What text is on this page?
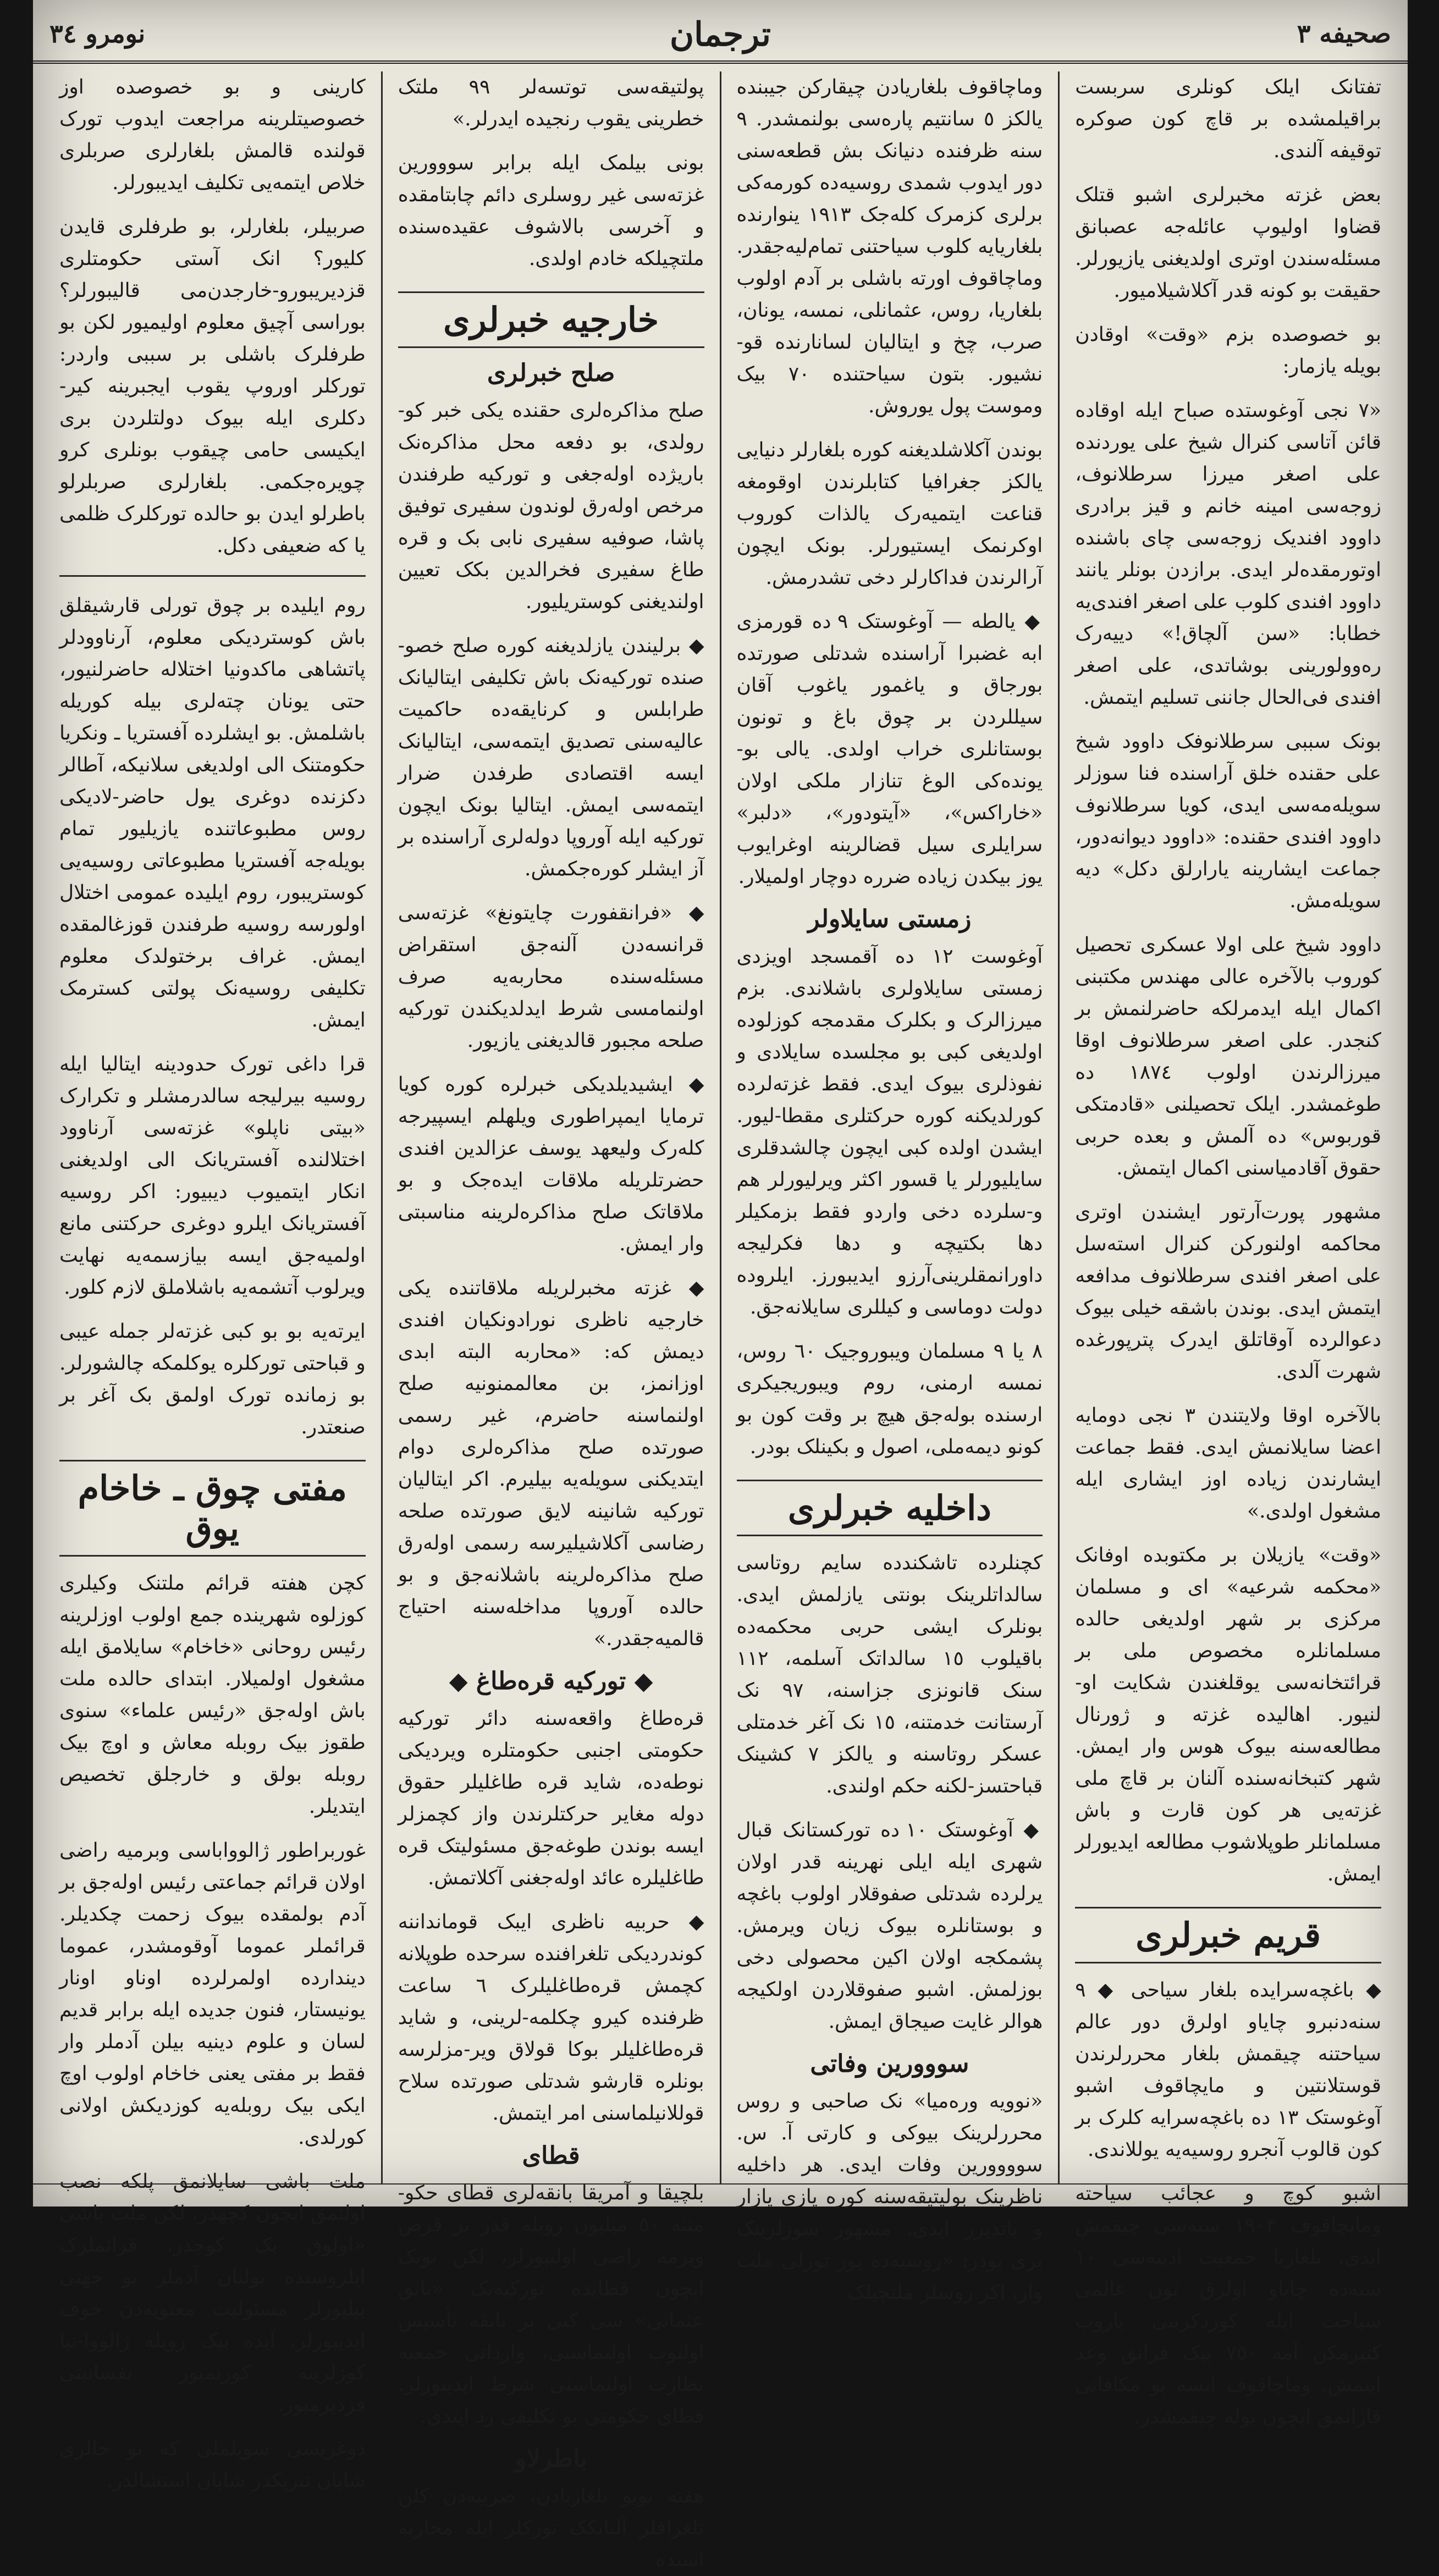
صحیفه ٣
ترجمان
نومرو ٣٤

تفتانک ایلک کونلری سربست براقیلمشده بر قاچ کون صوکره توقیفه آلندی.

بعض غزته مخبرلری اشبو قتلک قضاوا اولیوپ عائله‌جه عصبانق مسئله‌سندن اوتری اولدیغنی یازیورلر. حقیقت بو کونه قدر آکلاشیلامیور.

بو خصوصده بزم «وقت» اوقادن بویله یازمار:

«٧ نجی آوغوستده صباح ایله اوقاده قائن آتاسی کنرال شیخ علی یوردنده علی اصغر میرزا سرطلانوف، زوجه‌سی امینه خانم و قیز برادری داوود افندیک زوجه‌سی چای باشنده اوتورمقده‌لر ایدی. برازدن بونلر یانند داوود افندی کلوب علی اصغر افندی‌یه خطابا: «سن آلچاق!» دییه‌رک ره‌وولورینی بوشاتدی، علی اصغر افندی فی‌الحال جاننی تسلیم ایتمش.

بونک سببی سرطلانوفک داوود شیخ علی حقنده خلق آراسنده فنا سوزلر سویله‌مه‌سی ایدی، کویا سرطلانوف داوود افندی حقنده: «داوود دیوانه‌دور، جماعت ایشارینه یارارلق دکل» دیه سویله‌مش.

داوود شیخ علی اولا عسکری تحصیل کوروب بالآخره عالی مهندس مکتبنی اکمال ایله ایدمرلکه حاضرلنمش بر کنجدر. علی اصغر سرطلانوف اوقا میرزالرندن اولوب ١٨٧٤ ده طوغمشدر. ایلک تحصیلنی «قادمتکی قوربوس» ده آلمش و بعده حربی حقوق آقادمیاسنی اکمال ایتمش.

مشهور پورت‌آرتور ایشندن اوتری محاکمه اولنورکن کنرال استه‌سل علی اصغر افندی سرطلانوف مدافعه ایتمش ایدی. بوندن باشقه خیلی بیوک دعوالرده آوقاتلق ایدرک پترپورغده شهرت آلدی.

بالآخره اوقا ولایتندن ٣ نجی دومایه اعضا سایلانمش ایدی. فقط جماعت ایشارندن زیاده اوز ایشاری ایله مشغول اولدی.»

«وقت» یازیلان بر مکتوبده اوفانک «محکمه شرعیه» ای و مسلمان مرکزی بر شهر اولدیغی حالده مسلمانلره مخصوص ملی بر قرائتخانه‌سی یوقلغندن شکایت او-لنیور. اهالیده غزته و ژورنال مطالعه‌سنه بیوک هوس وار ایمش. شهر کتبخانه‌سنده آلنان بر قاچ ملی غزته‌یی هر کون قارت و باش مسلمانلر طوپلاشوب مطالعه ایدیورلر ایمش.

قریم خبرلری

◆ باغچه‌سرایده بلغار سیاحی ◆ ٩ سنه‌دنبرو چایاو اولرق دور عالم سیاحتنه چیقمش بلغار محررلرندن قوستلانتین و مایچاقوف اشبو آوغوستک ١٣ ده باغچه‌سرایه کلرک بر کون قالوب آنجرو روسیه‌یه یوللاندی.

اشبو کوچ و عجائب سیاحته ومایچاقوف ١٩٠٣ سنه‌سی چیقمش ایدی، بلغاریا جمعیت ادبیه‌سی ١٠ سنه‌ده چایاو اولرق تون عالمی سیاحت ایله کوزدکرینی یازوب کتیرمکن آمه ٧٥٠ بیک فرانق وعد ایتمش. وماچاقوف ایسه بو مکافاتی قازانمق ایچون یوله چیقمشدر.

وماچاقوف بلغاریادن چیقارکن جیبنده یالکز ٥ سانتیم پاره‌سی بولنمشدر. ٩ سنه ظرفنده دنیانک بش قطعه‌سنی دور ایدوب شمدی روسیه‌ده کورمه‌کی برلری کزمرک کله‌جک ١٩١٣ ینوارنده بلغاریایه کلوب سیاحتنی تمام‌لیه‌جقدر. وماچاقوف اورته باشلی بر آدم اولوب بلغاریا، روس، عثمانلی، نمسه، یونان، صرب، چخ و ایتالیان لسانارنده قو-نشیور. بتون سیاحتنده ٧٠ بیک وموست پول یوروش.

بوندن آکلاشلدیغنه کوره بلغارلر دنیایی یالکز جغرافیا کتابلرندن اوقومغه قناعت ایتمیه‌رک یالذات کوروب اوکرنمک ایستیورلر. بونک ایچون آرالرندن فداکارلر دخی تشدرمش.

◆ یالطه — آوغوستک ٩ ده قورمزی ابه غضبرا آراسنده شدتلی صورتده بورجاق و یاغمور یاغوب آقان سیللردن بر چوق باغ و تونون بوستانلری خراب اولدی. یالی بو-یونده‌کی الوغ تنازار ملکی اولان «خاراکس»، «آیتودور»، «دلبر» سرایلری سیل قضالرینه اوغرایوب یوز بیکدن زیاده ضرره دوچار اولمیلار.

زمستی سایلاولر

آوغوست ١٢ ده آقمسجد اویزدی زمستی سایلاولری باشلاندی. بزم میرزالرک و بکلرک مقدمجه کوزلوده اولدیغی کبی بو مجلسده سایلادی و نفوذلری بیوک ایدی. فقط غزته‌لرده کورلدیکنه کوره حرکتلری مقطا-لیور. ایشدن اولده کبی ایچون چالشدقلری سایلیورلر یا قسور اکثر ویرلیورلر هم و-سلرده دخی واردو فقط بزمکیلر دها بکتیچه و دها فکرلیجه داورانمقلرینی‌آرزو ایدیبورز. ایلروده دولت دوماسی و کیللری سایلانه‌جق.

٨ یا ٩ مسلمان ویبوروجیک ٦٠ روس، نمسه ارمنی، روم ویبوریجیکری ارسنده بوله‌جق هیچ بر وقت کون بو کونو دیمه‌ملی، اصول و بکینلک بودر.

داخلیه خبرلری

کچنلرده تاشکندده سایم روتاسی سالداتلرینک بونتی یازلمش ایدی. بونلرک ایشی حربی محکمه‌ده باقیلوب ١٥ سالداتک آسلمه، ١١٢ سنک قانونزی جزاسنه، ٩٧ نک آرستانت خدمتنه، ١٥ نک آغر خدمتلی عسکر روتاسنه و یالکز ٧ کشینک قباحتسز-لکنه حکم اولندی.

◆ آوغوستک ١٠ ده تورکستانک قبال شهری ایله ایلی نهرینه قدر اولان یرلرده شدتلی صفوقلار اولوب باغچه و بوستانلره بیوک زیان ویرمش. پشمکجه اولان اکین محصولی دخی بوزلمش. اشبو صفوقلاردن اولکیجه هوالر غایت صیجاق ایمش.

سووورین وفاتی

«نوویه وره‌میا» نک صاحبی و روس محررلرینک بیوکی و کارتی آ. س. سوووورین وفات ایدی. هر داخلیه ناظرینک بولیتیقه‌سنه کوره یازی یازار و باتدیرر ایدی. مشهور سوزلرینک بری بودر: «روسیه‌ده یوز تورلی ملت وار، اکر روسلر ملتچیلک

پولتیقه‌سی توتسه‌لر ٩٩ ملتک خطرینی یقوب رنجیده ایدرلر.»

بونی بیلمک ایله برابر سووورین غزته‌سی غیر روسلری دائم چابتامقده و آخرسی بالاشوف عقیده‌سنده ملتچیلکه خادم اولدی.

خارجیه خبرلری
صلح خبرلری

صلح مذاکره‌لری حقنده یکی خبر کو-رولدی، بو دفعه محل مذاکره‌نک باریژده اوله‌جغی و تورکیه طرفندن مرخص اوله‌رق لوندون سفیری توفیق پاشا، صوفیه سفیری نابی بک و قره طاغ سفیری فخرالدین بکک تعیین اولندیغنی کوستریلیور.

◆ برلیندن یازلدیغنه کوره صلح خصو-صنده تورکیه‌نک باش تکلیفی ایتالیانک طرابلس و کرنایقه‌ده حاکمیت عالیه‌سنی تصدیق ایتمه‌سی، ایتالیانک ایسه اقتصادی طرفدن ضرار ایتمه‌سی ایمش. ایتالیا بونک ایچون تورکیه ایله آوروپا دوله‌لری آراسنده بر آز ایشلر کوره‌جکمش.

◆ «فرانقفورت چایتونغ» غزته‌سی قرانسه‌دن آلنه‌جق استقراض مسئله‌سنده محاربه‌یه صرف اولنمامسی شرط ایدلدیکندن تورکیه صلحه مجبور قالدیغنی یازیور.

◆ ایشیدیلدیکی خبرلره کوره کویا ترمایا ایمپراطوری ویلهلم ایسپیرجه کله‌رک ولیعهد یوسف عزالدین افندی حضرتلریله ملاقات ایده‌جک و بو ملاقاتک صلح مذاکره‌لرینه مناسبتی وار ایمش.

◆ غزته مخبرلریله ملاقاتنده یکی خارجیه ناظری نورادونکیان افندی دیمش که: «محاربه البته ابدی اوزانمز، بن معالممنونیه صلح اولنماسنه حاضرم، غیر رسمی صورتده صلح مذاکره‌لری دوام ایتدیکنی سویله‌یه بیلیرم. اکر ایتالیان تورکیه شانینه لایق صورتده صلحه رضاسی آکلاشیلیرسه رسمی اوله‌رق صلح مذاکره‌لرینه باشلانه‌جق و بو حالده آوروپا مداخله‌سنه احتیاج قالمیه‌جقدر.»

◆ تورکیه قره‌طاغ ◆

قره‌طاغ واقعه‌سنه دائر تورکیه حکومتی اجنبی حکومتلره ویردیکی نوطه‌ده، شاید قره طاغلیلر حقوق دوله مغایر حرکتلرندن واز کچمزلر ایسه بوندن طوغه‌جق مسئولیتک قره طاغلیلره عائد اوله‌جغنی آکلاتمش.

◆ حربیه ناظری ایبک قومانداننه کوندردیکی تلغرافنده سرحده طوپلانه کچمش قره‌طاغلیلرک ٦ ساعت ظرفنده کیرو چکلمه-لرینی، و شاید قره‌طاغلیلر بوکا قولاق ویر-مزلرسه بونلره قارشو شدتلی صورتده سلاح قوللانیلماسنی امر ایتمش.

قطای

بلچیقا و آمریقا بانقه‌لری قطای حکو-متنه ٥٠ میلیون روبله قدر بر قرض ویرمه راضی اولیبورلر، لکن بونک ایچون قطایده تورکیه‌نک «بانق عثمانی» سی کبی بر بانقه تأسیس اولنوب اولنماسنی، وارداتی جمعنه نظارت اولنماسنی شرط ایدیبورلر. قطای حکومتی بو تکلیفی رد ایتدی.

باطرلاو

هفته بویو بلغاریادن، صربیه‌دن کلن تلغرافلر آلبانکک تورکلر ایله محاربه استده

کارینی و بو خصوصده اوز خصوصیتلرینه مراجعت ایدوب تورک قولنده قالمش بلغارلری صربلری خلاص ایتمه‌یی تکلیف ایدیبورلر.

صربیلر، بلغارلر، بو طرفلری قایدن کلیور؟ انک آستی حکومتلری قزدیریبورو-خارجدن‌می قالیبورلر؟ بوراسی آچیق معلوم اولیمیور لکن بو طرفلرک باشلی بر سببی واردر: تورکلر اوروپ یقوب ایجبرینه کیر-دکلری ایله بیوک دولتلردن بری ایکیسی حامی چیقوب بونلری کرو چویره‌جکمی. بلغارلری صربلرلو باطرلو ایدن بو حالده تورکلرک ظلمی یا که ضعیفی دکل.

روم ایلیده بر چوق تورلی قارشیقلق باش کوستردیکی معلوم، آرناوودلر پاتشاهی ماکدونیا اختلاله حاضرلنیور، حتی یونان چته‌لری بیله کوریله باشلمش. بو ایشلرده آفستریا ـ ونکریا حکومتنک الی اولدیغی سلانیکه، آطالر دکزنده دوغری یول حاضر-لادیکی روس مطبوعاتنده یازیلیور تمام بویله‌جه آفستریا مطبوعاتی روسیه‌یی کوستریبور، روم ایلیده عمومی اختلال اولورسه روسیه طرفندن قوزغالمقده ایمش. غراف برختولدک معلوم تکلیفی روسیه‌نک پولتی کسترمک ایمش.

قرا داغی تورک حدودینه ایتالیا ایله روسیه بیرلیجه سالدرمشلر و تکرارک «بیتی ناپلو» غزته‌سی آرناوود اختلالنده آفستریانک الی اولدیغنی انکار ایتمیوب دیبیور: اکر روسیه آفستریانک ایلرو دوغری حرکتنی مانع اولمیه‌جق ایسه بیازسمه‌یه نهایت ویرلوب آتشمه‌یه باشلاملق لازم کلور.

ایرته‌یه بو بو کبی غزته‌لر جمله عیبی و قباحتی تورکلره یوکلمکه چالشورلر. بو زمانده تورک اولمق بک آغر بر صنعتدر.

مفتی چوق ـ خاخام یوق

کچن هفته قرائم ملتنک وکیلری کوزلوه شهرینده جمع اولوب اوزلرینه رئیس روحانی «خاخام» سایلامق ایله مشغول اولمیلار. ابتدای حالده ملت باش اوله‌جق «رئیس علماء» سنوی طقوز بیک روبله معاش و اوچ بیک روبله بولق و خارجلق تخصیص ایتدیلر.

غوربراطور ژالوواباسی وبرمیه راضی اولان قرائم جماعتی رئیس اوله‌جق بر آدم بولمقده بیوک زحمت چکدیلر. قرائملر عموما آوقومشدر، عموما دیندارده اولمرلرده اوناو اونار یونیستار، فنون جدیده ایله برابر قدیم لسان و علوم دینیه بیلن آدملر وار فقط بر مفتی یعنی خاخام اولوب اوچ ایکی بیک روبله‌یه کوزدیکش اولانی کورلدی.

ملت باشی سایلانمق پلکه نصب اولنمق ایچون کچهدر، لکن ملت باشی «اولوق بک کوچدر، قرائملرک ایلروسنده بولنان آدملر بو جهتی بیلیورلر مسئولیت معنویه‌دن خوف ایدیبورلر، آیده بیک روبله ژالووا-نیا کوزلرینه کورنمیور نفسانیتی قزدیرمیور.

دوغریسی سویلملی که بو حالری شایان تبریکدر شایان استشالدر.
